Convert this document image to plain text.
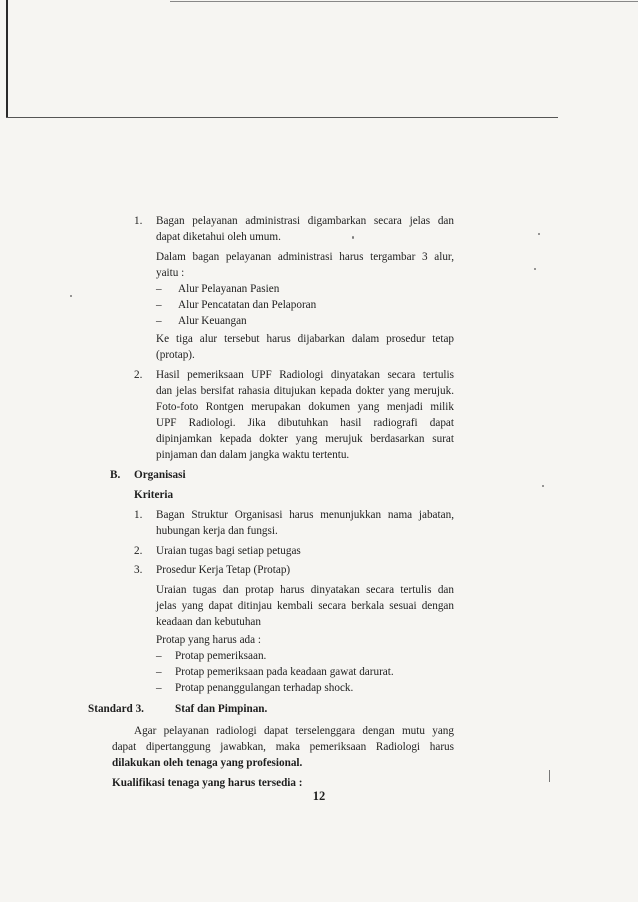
1. Bagan pelayanan administrasi digambarkan secara jelas dan
dapat diketahui oleh umum.
Dalam bagan pelayanan administrasi harus tergambar 3 alur,
yaitu :
– Alur Pelayanan Pasien
– Alur Pencatatan dan Pelaporan
– Alur Keuangan
Ke tiga alur tersebut harus dijabarkan dalam prosedur tetap
(protap).
2. Hasil pemeriksaan UPF Radiologi dinyatakan secara tertulis
dan jelas bersifat rahasia ditujukan kepada dokter yang merujuk.
Foto-foto Rontgen merupakan dokumen yang menjadi milik
UPF Radiologi. Jika dibutuhkan hasil radiografi dapat
dipinjamkan kepada dokter yang merujuk berdasarkan surat
pinjaman dan dalam jangka waktu tertentu.
B. Organisasi
Kriteria
1. Bagan Struktur Organisasi harus menunjukkan nama jabatan,
hubungan kerja dan fungsi.
2. Uraian tugas bagi setiap petugas
3. Prosedur Kerja Tetap (Protap)
Uraian tugas dan protap harus dinyatakan secara tertulis dan
jelas yang dapat ditinjau kembali secara berkala sesuai dengan
keadaan dan kebutuhan
Protap yang harus ada :
– Protap pemeriksaan.
– Protap pemeriksaan pada keadaan gawat darurat.
– Protap penanggulangan terhadap shock.
Standard 3.	Staf dan Pimpinan.
Agar pelayanan radiologi dapat terselenggara dengan mutu yang
dapat dipertanggung jawabkan, maka pemeriksaan Radiologi harus
dilakukan oleh tenaga yang profesional.
Kualifikasi tenaga yang harus tersedia :
12
